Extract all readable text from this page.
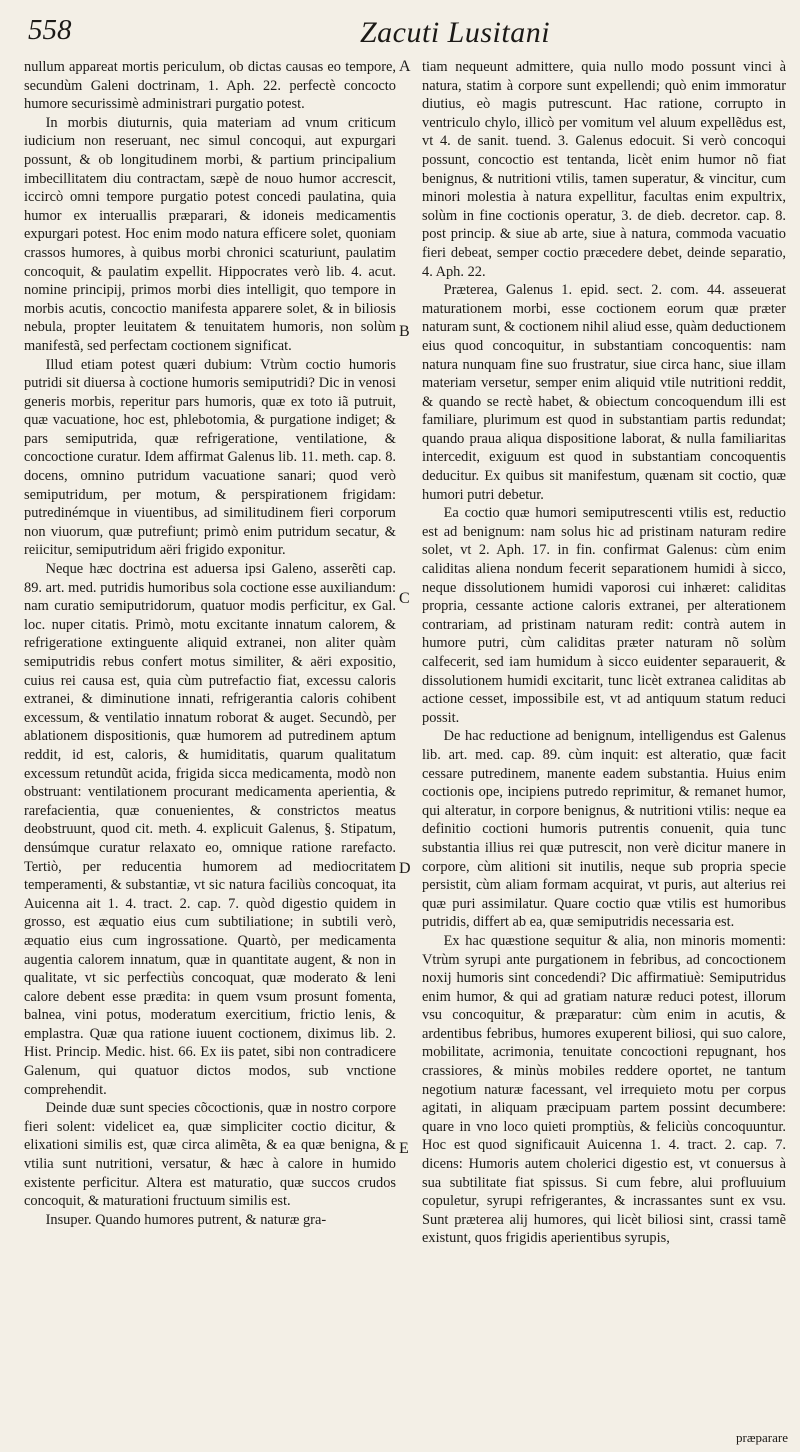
558	Zacuti Lusitani

nullum appareat mortis periculum, ob dictas causas eo tempore, secundùm Galeni doctrinam, 1. Aph. 22. perfectè concocto humore securissimè administrari purgatio potest.

In morbis diuturnis, quia materiam ad vnum criticum iudicium non reseruant, nec simul concoqui, aut expurgari possunt, & ob longitudinem morbi, & partium principalium imbecillitatem diu contractam, sæpè de nouo humor accrescit, iccircò omni tempore purgatio potest concedi paulatina, quia humor ex interuallis præparari, & idoneis medicamentis expurgari potest. Hoc enim modo natura efficere solet, quoniam crassos humores, à quibus morbi chronici scaturiunt, paulatim concoquit, & paulatim expellit. Hippocrates verò lib. 4. acut. nomine principij, primos morbi dies intelligit, quo tempore in morbis acutis, concoctio manifesta apparere solet, & in biliosis nebula, propter leuitatem & tenuitatem humoris, non solùm manifestã, sed perfectam coctionem significat.

Illud etiam potest quæri dubium: Vtrùm coctio humoris putridi sit diuersa à coctione humoris semiputridi? Dic in venosi generis morbis, reperitur pars humoris, quæ ex toto iã putruit, quæ vacuatione, hoc est, phlebotomia, & purgatione indiget; & pars semiputrida, quæ refrigeratione, ventilatione, & concoctione curatur. Idem affirmat Galenus lib. 11. meth. cap. 8. docens, omnino putridum vacuatione sanari; quod verò semiputridum, per motum, & perspirationem frigidam: putredinémque in viuentibus, ad similitudinem fieri corporum non viuorum, quæ putrefiunt; primò enim putridum secatur, & reiicitur, semiputridum aëri frigido exponitur.

Neque hæc doctrina est aduersa ipsi Galeno, asserẽti cap. 89. art. med. putridis humoribus sola coctione esse auxiliandum: nam curatio semiputridorum, quatuor modis perficitur, ex Gal. loc. nuper citatis. Primò, motu excitante innatum calorem, & refrigeratione extinguente aliquid extranei, non aliter quàm semiputridis rebus confert motus similiter, & aëri expositio, cuius rei causa est, quia cùm putrefactio fiat, excessu caloris extranei, & diminutione innati, refrigerantia caloris cohibent excessum, & ventilatio innatum roborat & auget. Secundò, per ablationem dispositionis, quæ humorem ad putredinem aptum reddit, id est, caloris, & humiditatis, quarum qualitatum excessum retundũt acida, frigida sicca medicamenta, modò non obstruant: ventilationem procurant medicamenta aperientia, & rarefacientia, quæ conuenientes, & constrictos meatus deobstruunt, quod cit. meth. 4. explicuit Galenus, §. Stipatum, densúmque curatur relaxato eo, omnique ratione rarefacto. Tertiò, per reducentia humorem ad mediocritatem temperamenti, & substantiæ, vt sic natura faciliùs concoquat, ita Auicenna ait 1. 4. tract. 2. cap. 7. quòd digestio quidem in grosso, est æquatio eius cum subtiliatione; in subtili verò, æquatio eius cum ingrossatione. Quartò, per medicamenta augentia calorem innatum, quæ in quantitate augent, & non in qualitate, vt sic perfectiùs concoquat, quæ moderato & leni calore debent esse prædita: in quem vsum prosunt fomenta, balnea, vini potus, moderatum exercitium, frictio lenis, & emplastra. Quæ qua ratione iuuent coctionem, diximus lib. 2. Hist. Princip. Medic. hist. 66. Ex iis patet, sibi non contradicere Galenum, qui quatuor dictos modos, sub vnctione comprehendit.

Deinde duæ sunt species cõcoctionis, quæ in nostro corpore fieri solent: videlicet ea, quæ simpliciter coctio dicitur, & elixationi similis est, quæ circa alimẽta, & ea quæ benigna, & vtilia sunt nutritioni, versatur, & hæc à calore in humido existente perficitur. Altera est maturatio, quæ succos crudos concoquit, & maturationi fructuum similis est.

Insuper. Quando humores putrent, & naturæ gra-

tiam nequeunt admittere, quia nullo modo possunt vinci à natura, statim à corpore sunt expellendi; quò enim immoratur diutius, eò magis putrescunt. Hac ratione, corrupto in ventriculo chylo, illicò per vomitum vel aluum expellẽdus est, vt 4. de sanit. tuend. 3. Galenus edocuit. Si verò concoqui possunt, concoctio est tentanda, licèt enim humor nõ fiat benignus, & nutritioni vtilis, tamen superatur, & vincitur, cum minori molestia à natura expellitur, facultas enim expultrix, solùm in fine coctionis operatur, 3. de dieb. decretor. cap. 8. post princip. & siue ab arte, siue à natura, commoda vacuatio fieri debeat, semper coctio præcedere debet, deinde separatio, 4. Aph. 22.

Præterea, Galenus 1. epid. sect. 2. com. 44. asseuerat maturationem morbi, esse coctionem eorum quæ præter naturam sunt, & coctionem nihil aliud esse, quàm deductionem eius quod concoquitur, in substantiam concoquentis: nam natura nunquam fine suo frustratur, siue circa hanc, siue illam materiam versetur, semper enim aliquid vtile nutritioni reddit, & quando se rectè habet, & obiectum concoquendum illi est familiare, plurimum est quod in substantiam partis redundat; quando praua aliqua dispositione laborat, & nulla familiaritas intercedit, exiguum est quod in substantiam concoquentis deducitur. Ex quibus sit manifestum, quænam sit coctio, quæ humori putri debetur.

Ea coctio quæ humori semiputrescenti vtilis est, reductio est ad benignum: nam solus hic ad pristinam naturam redire solet, vt 2. Aph. 17. in fin. confirmat Galenus: cùm enim caliditas aliena nondum fecerit separationem humidi à sicco, neque dissolutionem humidi vaporosi cui inhæret: caliditas propria, cessante actione caloris extranei, per alterationem contrariam, ad pristinam naturam redit: contrà autem in humore putri, cùm caliditas præter naturam nõ solùm calfecerit, sed iam humidum à sicco euidenter separauerit, & dissolutionem humidi excitarit, tunc licèt extranea caliditas ab actione cesset, impossibile est, vt ad antiquum statum reduci possit.

De hac reductione ad benignum, intelligendus est Galenus lib. art. med. cap. 89. cùm inquit: est alteratio, quæ facit cessare putredinem, manente eadem substantia. Huius enim coctionis ope, incipiens putredo reprimitur, & remanet humor, qui alteratur, in corpore benignus, & nutritioni vtilis: neque ea definitio coctioni humoris putrentis conuenit, quia tunc substantia illius rei quæ putrescit, non verè dicitur manere in corpore, cùm alitioni sit inutilis, neque sub propria specie persistit, cùm aliam formam acquirat, vt puris, aut alterius rei quæ puri assimilatur. Quare coctio quæ vtilis est humoribus putridis, differt ab ea, quæ semiputridis necessaria est.

Ex hac quæstione sequitur & alia, non minoris momenti: Vtrùm syrupi ante purgationem in febribus, ad concoctionem noxij humoris sint concedendi? Dic affirmatiuè: Semiputridus enim humor, & qui ad gratiam naturæ reduci potest, illorum vsu concoquitur, & præparatur: cùm enim in acutis, & ardentibus febribus, humores exuperent biliosi, qui suo calore, mobilitate, acrimonia, tenuitate concoctioni repugnant, hos crassiores, & minùs mobiles reddere oportet, ne tantum negotium naturæ facessant, vel irrequieto motu per corpus agitati, in aliquam præcipuam partem possint decumbere: quare in vno loco quieti promptiùs, & feliciùs concoquuntur. Hoc est quod significauit Auicenna 1. 4. tract. 2. cap. 7. dicens: Humoris autem cholerici digestio est, vt conuersus à sua subtilitate fiat spissus. Si cum febre, alui profluuium copuletur, syrupi refrigerantes, & incrassantes sunt ex vsu. Sunt præterea alij humores, qui licèt biliosi sint, crassi tamẽ existunt, quos frigidis aperientibus syrupis,

A
B
C
D
E
præparare
